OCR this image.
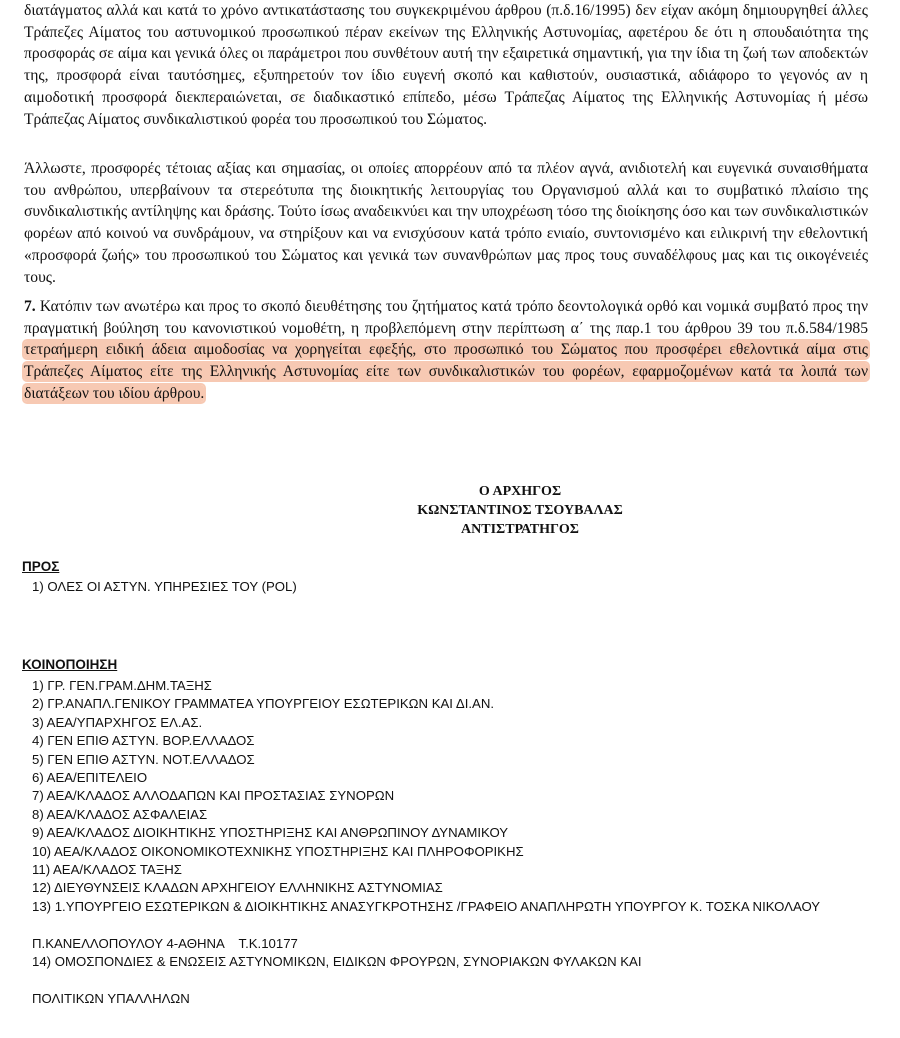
διατάγματος αλλά και κατά το χρόνο αντικατάστασης του συγκεκριμένου άρθρου (π.δ.16/1995) δεν είχαν ακόμη δημιουργηθεί άλλες Τράπεζες Αίματος του αστυνομικού προσωπικού πέραν εκείνων της Ελληνικής Αστυνομίας, αφετέρου δε ότι η σπουδαιότητα της προσφοράς σε αίμα και γενικά όλες οι παράμετροι που συνθέτουν αυτή την εξαιρετικά σημαντική, για την ίδια τη ζωή των αποδεκτών της, προσφορά είναι ταυτόσημες, εξυπηρετούν τον ίδιο ευγενή σκοπό και καθιστούν, ουσιαστικά, αδιάφορο το γεγονός αν η αιμοδοτική προσφορά διεκπεραιώνεται, σε διαδικαστικό επίπεδο, μέσω Τράπεζας Αίματος της Ελληνικής Αστυνομίας ή μέσω Τράπεζας Αίματος συνδικαλιστικού φορέα του προσωπικού του Σώματος.

Άλλωστε, προσφορές τέτοιας αξίας και σημασίας, οι οποίες απορρέουν από τα πλέον αγνά, ανιδιοτελή και ευγενικά συναισθήματα του ανθρώπου, υπερβαίνουν τα στερεότυπα της διοικητικής λειτουργίας του Οργανισμού αλλά και το συμβατικό πλαίσιο της συνδικαλιστικής αντίληψης και δράσης. Τούτο ίσως αναδεικνύει και την υποχρέωση τόσο της διοίκησης όσο και των συνδικαλιστικών φορέων από κοινού να συνδράμουν, να στηρίξουν και να ενισχύσουν κατά τρόπο ενιαίο, συντονισμένο και ειλικρινή την εθελοντική «προσφορά ζωής» του προσωπικού του Σώματος και γενικά των συνανθρώπων μας προς τους συναδέλφους μας και τις οικογένειές τους.

7. Κατόπιν των ανωτέρω και προς το σκοπό διευθέτησης του ζητήματος κατά τρόπο δεοντολογικά ορθό και νομικά συμβατό προς την πραγματική βούληση του κανονιστικού νομοθέτη, η προβλεπόμενη στην περίπτωση α΄ της παρ.1 του άρθρου 39 του π.δ.584/1985 τετραήμερη ειδική άδεια αιμοδοσίας να χορηγείται εφεξής, στο προσωπικό του Σώματος που προσφέρει εθελοντικά αίμα στις Τράπεζες Αίματος είτε της Ελληνικής Αστυνομίας είτε των συνδικαλιστικών του φορέων, εφαρμοζομένων κατά τα λοιπά των διατάξεων του ιδίου άρθρου.

Ο ΑΡΧΗΓΟΣ
ΚΩΝΣΤΑΝΤΙΝΟΣ ΤΣΟΥΒΑΛΑΣ
ΑΝΤΙΣΤΡΑΤΗΓΟΣ

ΠΡΟΣ

1) ΟΛΕΣ ΟΙ ΑΣΤΥΝ. ΥΠΗΡΕΣΙΕΣ ΤΟΥ (POL)

ΚΟΙΝΟΠΟΙΗΣΗ

1) ΓΡ. ΓΕΝ.ΓΡΑΜ.ΔΗΜ.ΤΑΞΗΣ
2) ΓΡ.ΑΝΑΠΛ.ΓΕΝΙΚΟΥ ΓΡΑΜΜΑΤΕΑ ΥΠΟΥΡΓΕΙΟΥ ΕΣΩΤΕΡΙΚΩΝ ΚΑΙ ΔΙ.ΑΝ.
3) ΑΕΑ/ΥΠΑΡΧΗΓΟΣ ΕΛ.ΑΣ.
4) ΓΕΝ ΕΠΙΘ ΑΣΤΥΝ. ΒΟΡ.ΕΛΛΑΔΟΣ
5) ΓΕΝ ΕΠΙΘ ΑΣΤΥΝ. ΝΟΤ.ΕΛΛΑΔΟΣ
6) ΑΕΑ/ΕΠΙΤΕΛΕΙΟ
7) ΑΕΑ/ΚΛΑΔΟΣ ΑΛΛΟΔΑΠΩΝ ΚΑΙ ΠΡΟΣΤΑΣΙΑΣ ΣΥΝΟΡΩΝ
8) ΑΕΑ/ΚΛΑΔΟΣ ΑΣΦΑΛΕΙΑΣ
9) ΑΕΑ/ΚΛΑΔΟΣ ΔΙΟΙΚΗΤΙΚΗΣ ΥΠΟΣΤΗΡΙΞΗΣ ΚΑΙ ΑΝΘΡΩΠΙΝΟΥ ΔΥΝΑΜΙΚΟΥ
10) ΑΕΑ/ΚΛΑΔΟΣ ΟΙΚΟΝΟΜΙΚΟΤΕΧΝΙΚΗΣ ΥΠΟΣΤΗΡΙΞΗΣ ΚΑΙ ΠΛΗΡΟΦΟΡΙΚΗΣ
11) ΑΕΑ/ΚΛΑΔΟΣ ΤΑΞΗΣ
12) ΔΙΕΥΘΥΝΣΕΙΣ ΚΛΑΔΩΝ ΑΡΧΗΓΕΙΟΥ ΕΛΛΗΝΙΚΗΣ ΑΣΤΥΝΟΜΙΑΣ
13) 1.ΥΠΟΥΡΓΕΙΟ ΕΣΩΤΕΡΙΚΩΝ & ΔΙΟΙΚΗΤΙΚΗΣ ΑΝΑΣΥΓΚΡΟΤΗΣΗΣ /ΓΡΑΦΕΙΟ ΑΝΑΠΛΗΡΩΤΗ ΥΠΟΥΡΓΟΥ Κ. ΤΟΣΚΑ ΝΙΚΟΛΑΟΥ

Π.ΚΑΝΕΛΛΟΠΟΥΛΟΥ 4-ΑΘΗΝΑ    Τ.Κ.10177

14) ΟΜΟΣΠΟΝΔΙΕΣ & ΕΝΩΣΕΙΣ ΑΣΤΥΝΟΜΙΚΩΝ, ΕΙΔΙΚΩΝ ΦΡΟΥΡΩΝ, ΣΥΝΟΡΙΑΚΩΝ ΦΥΛΑΚΩΝ ΚΑΙ

ΠΟΛΙΤΙΚΩΝ ΥΠΑΛΛΗΛΩΝ
